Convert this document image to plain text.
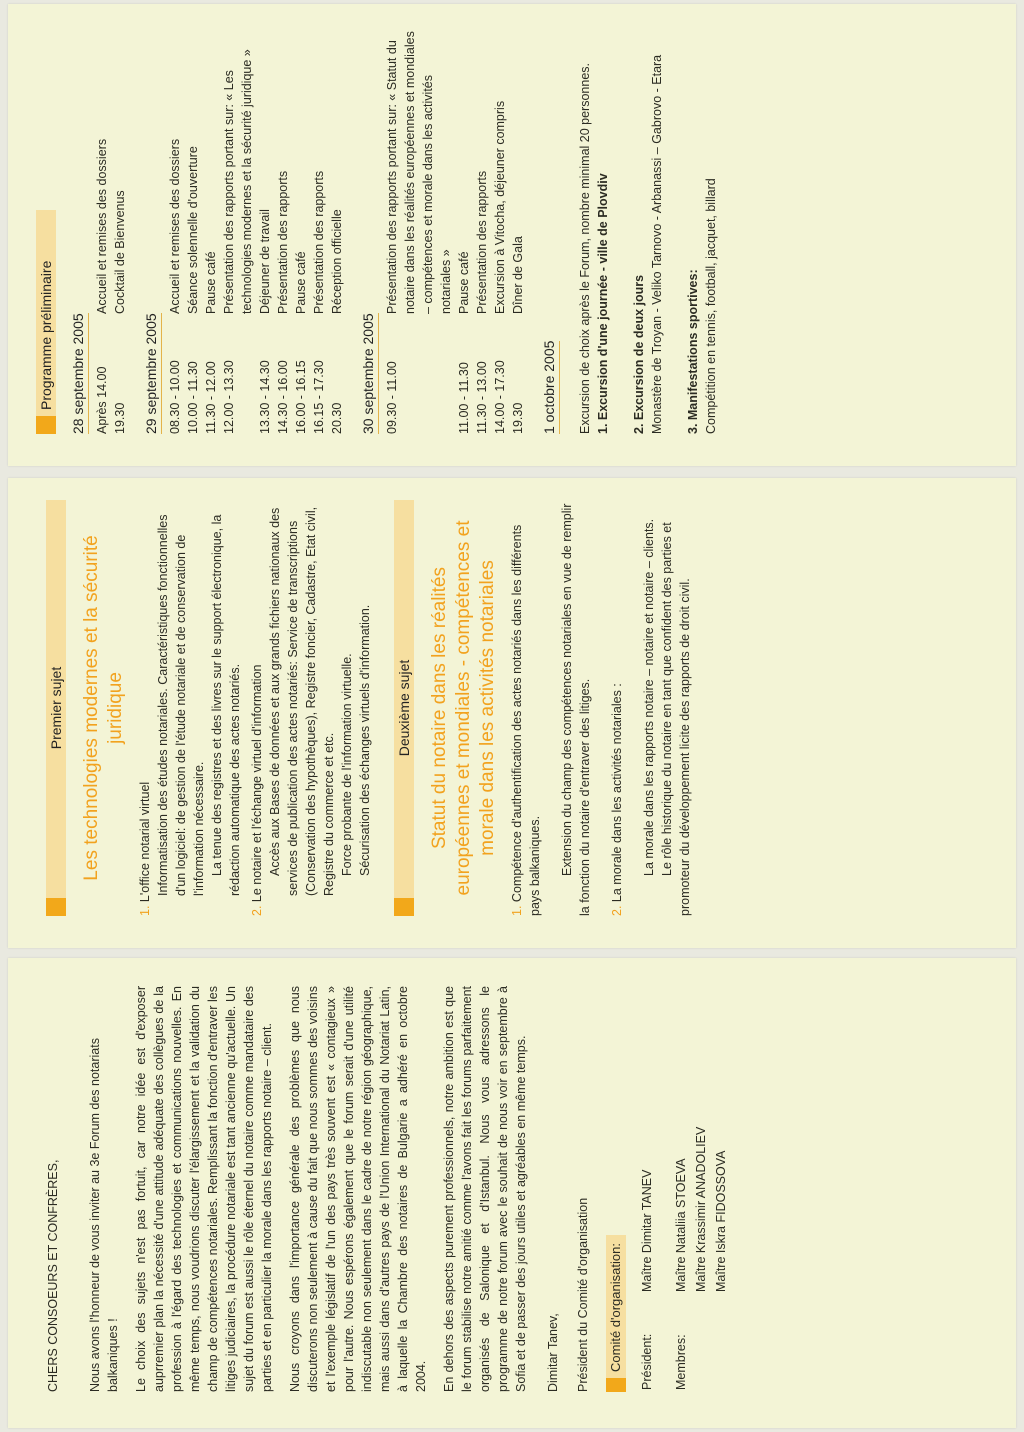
Programme préliminaire	28 septembre 2005 Après 14.00	Accueil et remises des dossiers
19.30	Cocktail de Bienvenus
29 septembre 2005 08.30 - 10.00	Accueil et remises des dossiers
10.00 - 11.30	Séance solennelle d'ouverture
11.30 - 12.00	Pause café
12.00 - 13.30	Présentation des rapports portant sur: « Les technologies modernes et la sécurité juridique »
13.30 - 14.30	Déjeuner de travail
14.30 - 16.00	Présentation des rapports
16.00 - 16.15	Pause café
16.15 - 17.30	Présentation des rapports
20.30	Réception officielle
30 septembre 2005 09.30 - 11.00	Présentation des rapports portant sur: « Statut du notaire dans les réalités européennes et mondiales – compétences et morale dans les activités notariales »
11.00 - 11.30	Pause café
11.30 - 13.00	Présentation des rapports
14.00 - 17.30	Excursion à Vitocha, déjeuner compris
19.30	Dîner de Gala
1 octobre 2005 Excursion de choix après le Forum, nombre minimal 20 personnes. 1. Excursion d'une journée - ville de Plovdiv 2. Excursion de deux jours Monastère de Troyan - Veliko Tarnovo - Arbanassi – Gabrovo - Etara 3. Manifestations sportives: Compétition en tennis, football, jacquet, billard
Premier sujet Les technologies modernes et la sécurité juridique
1. L'office notarial virtuel Informatisation des études notariales. Caractéristiques fonctionnelles d'un logiciel: de gestion de l'étude notariale et de conservation de l'information nécessaire. La tenue des registres et des livres sur le support électronique, la rédaction automatique des actes notariés.
2. Le notaire et l'échange virtuel d'information Accès aux Bases de données et aux grands fichiers nationaux des services de publication des actes notariés: Service de transcriptions (Conservation des hypothèques), Registre foncier, Cadastre, Etat civil, Registre du commerce et etc. Force probante de l'information virtuelle. Sécurisation des échanges virtuels d'information. Deuxième sujet Statut du notaire dans les réalités européennes et mondiales - compétences et morale dans les activités notariales
1. Compétence d'authentification des actes notariés dans les différents pays balkaniques. Extension du champ des compétences notariales en vue de remplir la fonction du notaire d'entraver des litiges. 2. La morale dans les activités notariales : La morale dans les rapports notaire – notaire et notaire – clients. Le rôle historique du notaire en tant que confident des parties et promoteur du développement licite des rapports de droit civil.
CHERS CONSOEURS ET CONFRÈRES, Nous avons l'honneur de vous inviter au 3e Forum des notariats balkaniques ! Le choix des sujets n'est pas fortuit, car notre idée est d'exposer auprremier plan la nécessité d'une attitude adéquate des collègues de la profession à l'égard des technologies et communications nouvelles. En même temps, nous voudrions discuter l'élargissement et la validation du champ de compétences notariales. Remplissant la fonction d'entraver les litiges judiciaires, la procédure notariale est tant ancienne qu'actuelle. Un sujet du forum est aussi le rôle éternel du notaire comme mandataire des parties et en particulier la morale dans les rapports notaire – client. Nous croyons dans l'importance générale des problèmes que nous discuterons non seulement à cause du fait que nous sommes des voisins et l'exemple législatif de l'un des pays très souvent est « contagieux » pour l'autre. Nous espérons également que le forum serait d'une utilité indiscutable non seulement dans le cadre de notre région géographique, mais aussi dans d'autres pays de l'Union International du Notariat Latin, à laquelle la Chambre des notaires de Bulgarie a adhéré en octobre 2004. En dehors des aspects purement professionnels, notre ambition est que le forum stabilise notre amitié comme l'avons fait les forums parfaitement organisés de Salonique et d'Istanbul. Nous vous adressons le programme de notre forum avec le souhait de nous voir en septembre à Sofia et de passer des jours utiles et agréables en même temps. Dimitar Tanev, Président du Comité d'organisation Comité d'organisation: Président:	Maître Dimitar TANEV

Membres:	Maître Nataliia STOEVA
	Maître Krassimir ANADOLIEV
	Maître Iskra FIDOSSOVA
